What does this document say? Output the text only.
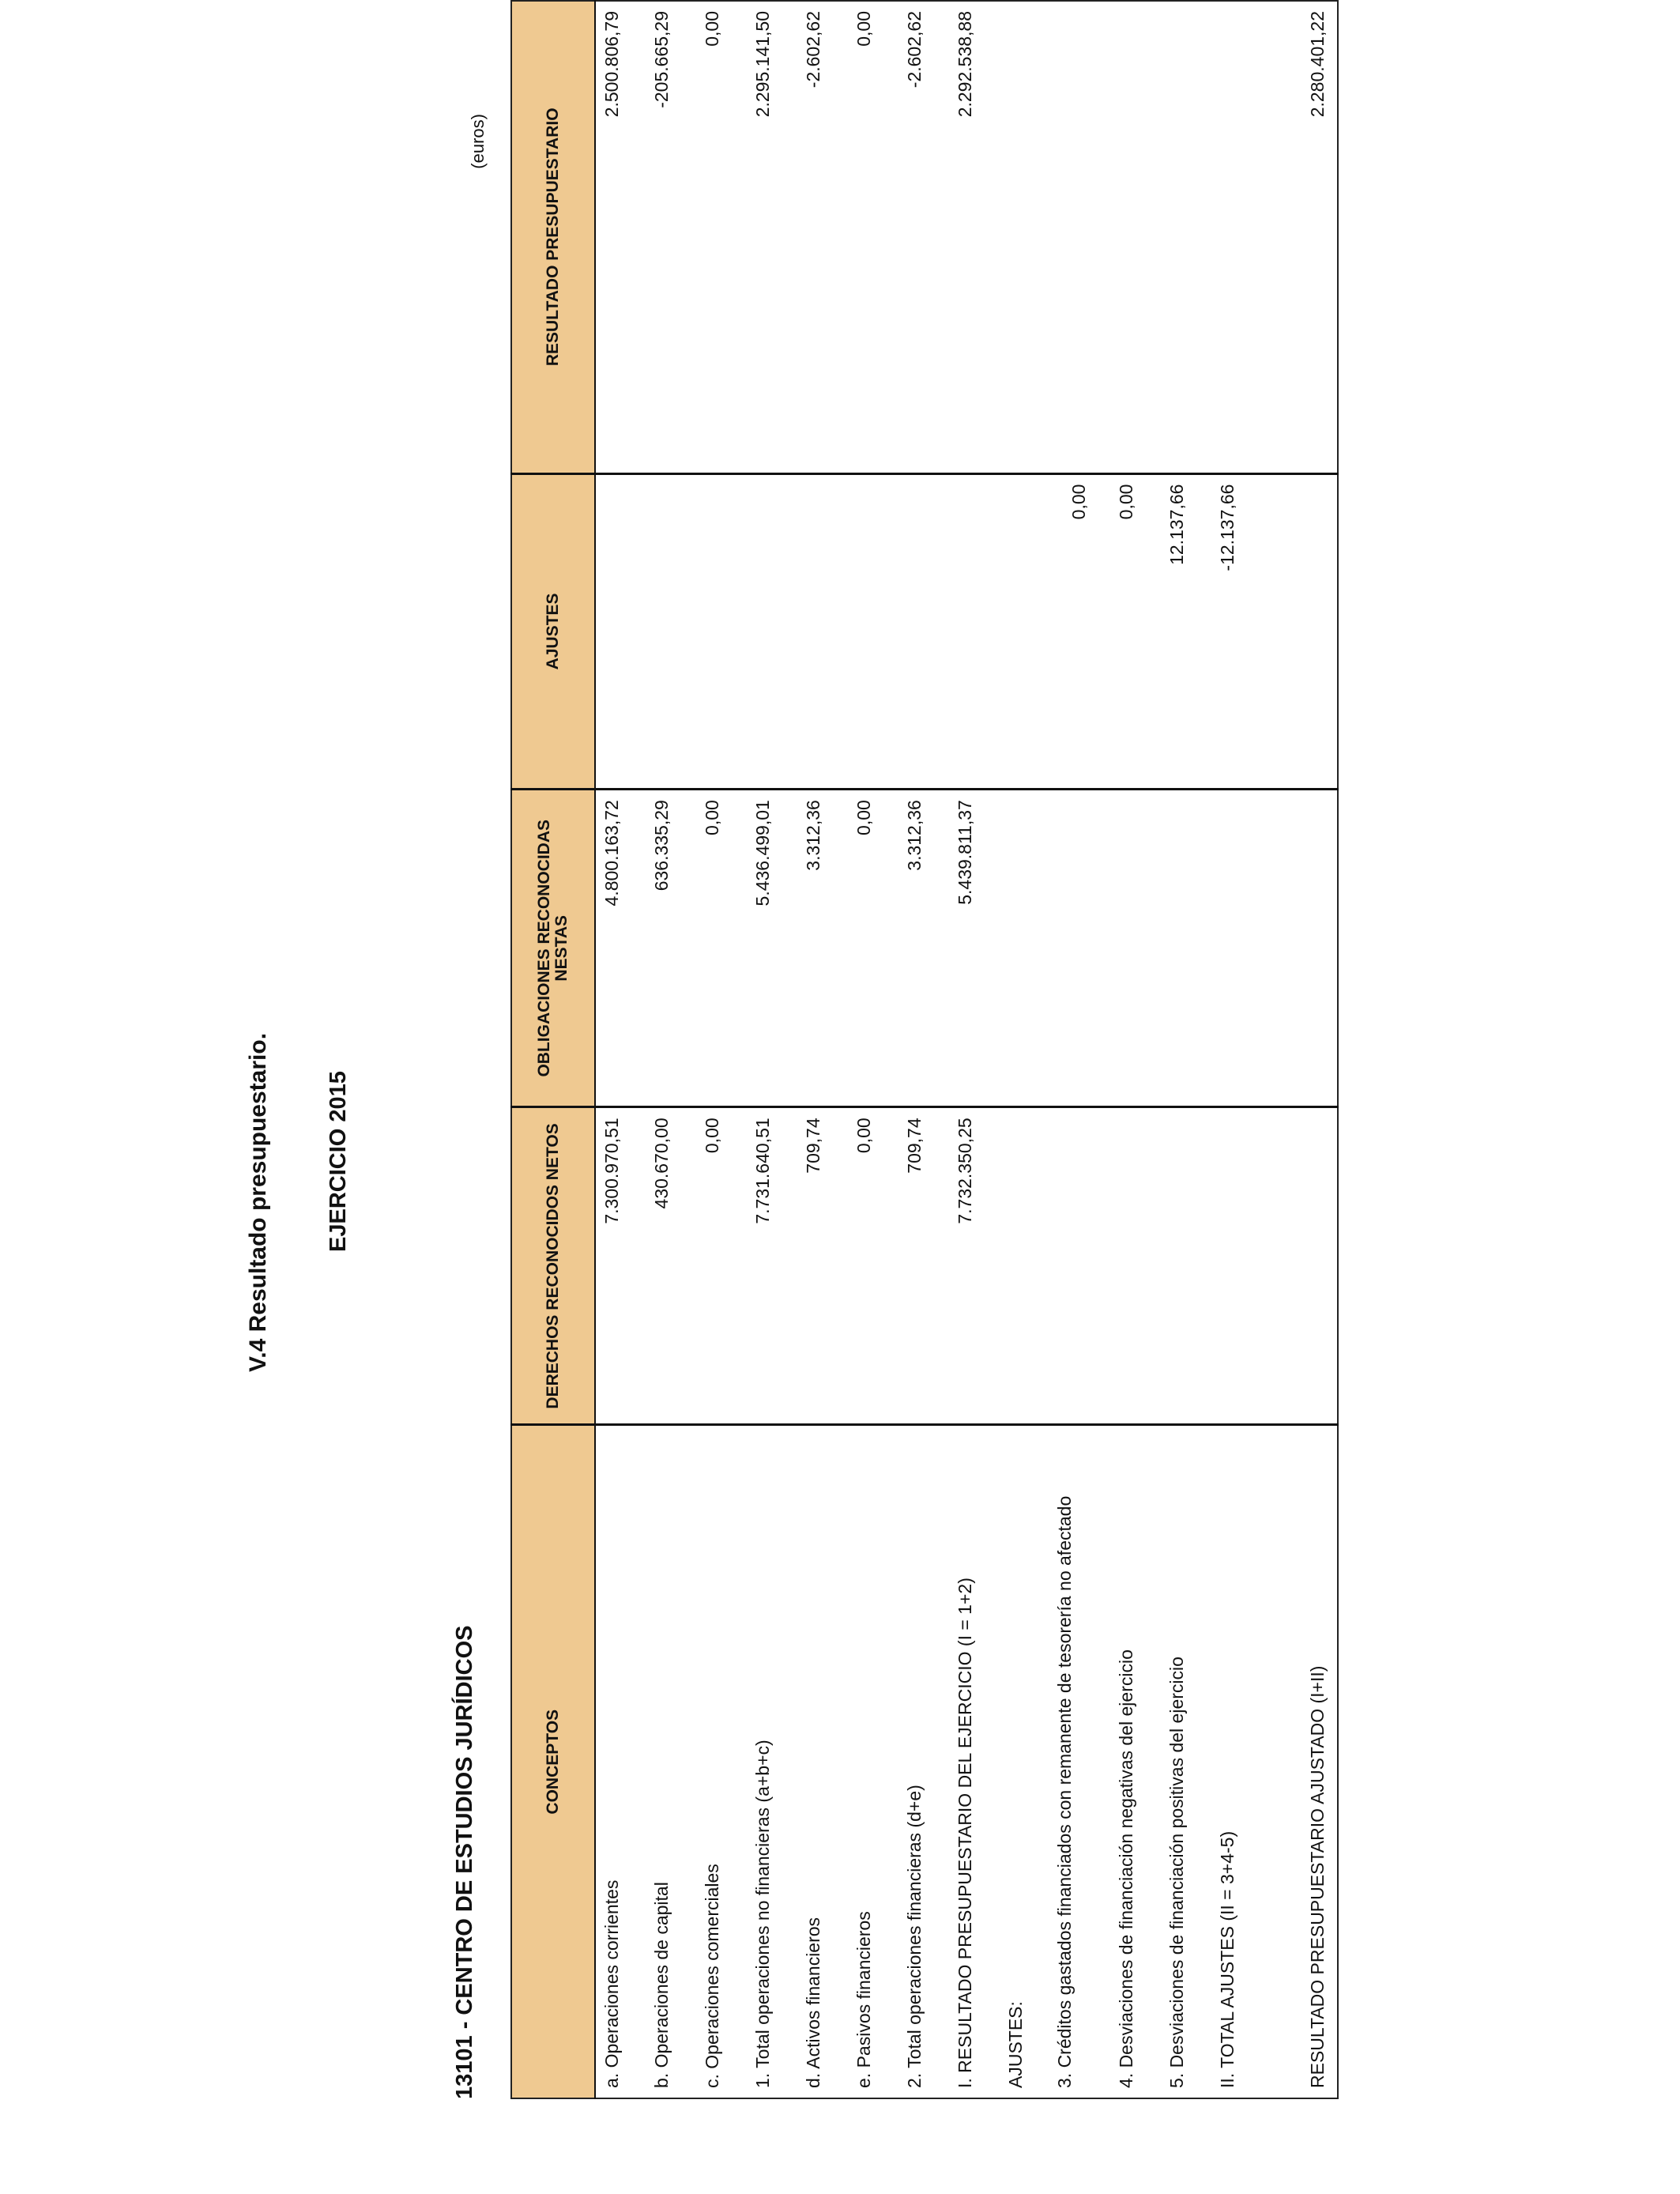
V.4 Resultado presupuestario. EJERCICIO 2015
13101 - CENTRO DE ESTUDIOS JURÍDICOS
(euros)
CONCEPTOS	DERECHOS RECONOCIDOS NETOS	OBLIGACIONES RECONOCIDAS NESTAS	AJUSTES	RESULTADO PRESUPUESTARIO
a. Operaciones corrientes	7.300.970,51	4.800.163,72		2.500.806,79
b. Operaciones de capital	430.670,00	636.335,29		-205.665,29
c. Operaciones comerciales	0,00	0,00		0,00
1. Total operaciones no financieras (a+b+c)	7.731.640,51	5.436.499,01		2.295.141,50
d. Activos financieros	709,74	3.312,36		-2.602,62
e. Pasivos financieros	0,00	0,00		0,00
2. Total operaciones financieras (d+e)	709,74	3.312,36		-2.602,62
I. RESULTADO PRESUPUESTARIO DEL EJERCICIO (I = 1+2)	7.732.350,25	5.439.811,37		2.292.538,88
AJUSTES:				
3. Créditos gastados financiados con remanente de tesorería no afectado			0,00	
4. Desviaciones de financiación negativas del ejercicio			0,00	
5. Desviaciones de financiación positivas del ejercicio			12.137,66	
II. TOTAL AJUSTES (II = 3+4-5)			-12.137,66	
RESULTADO PRESUPUESTARIO AJUSTADO (I+II)				2.280.401,22
